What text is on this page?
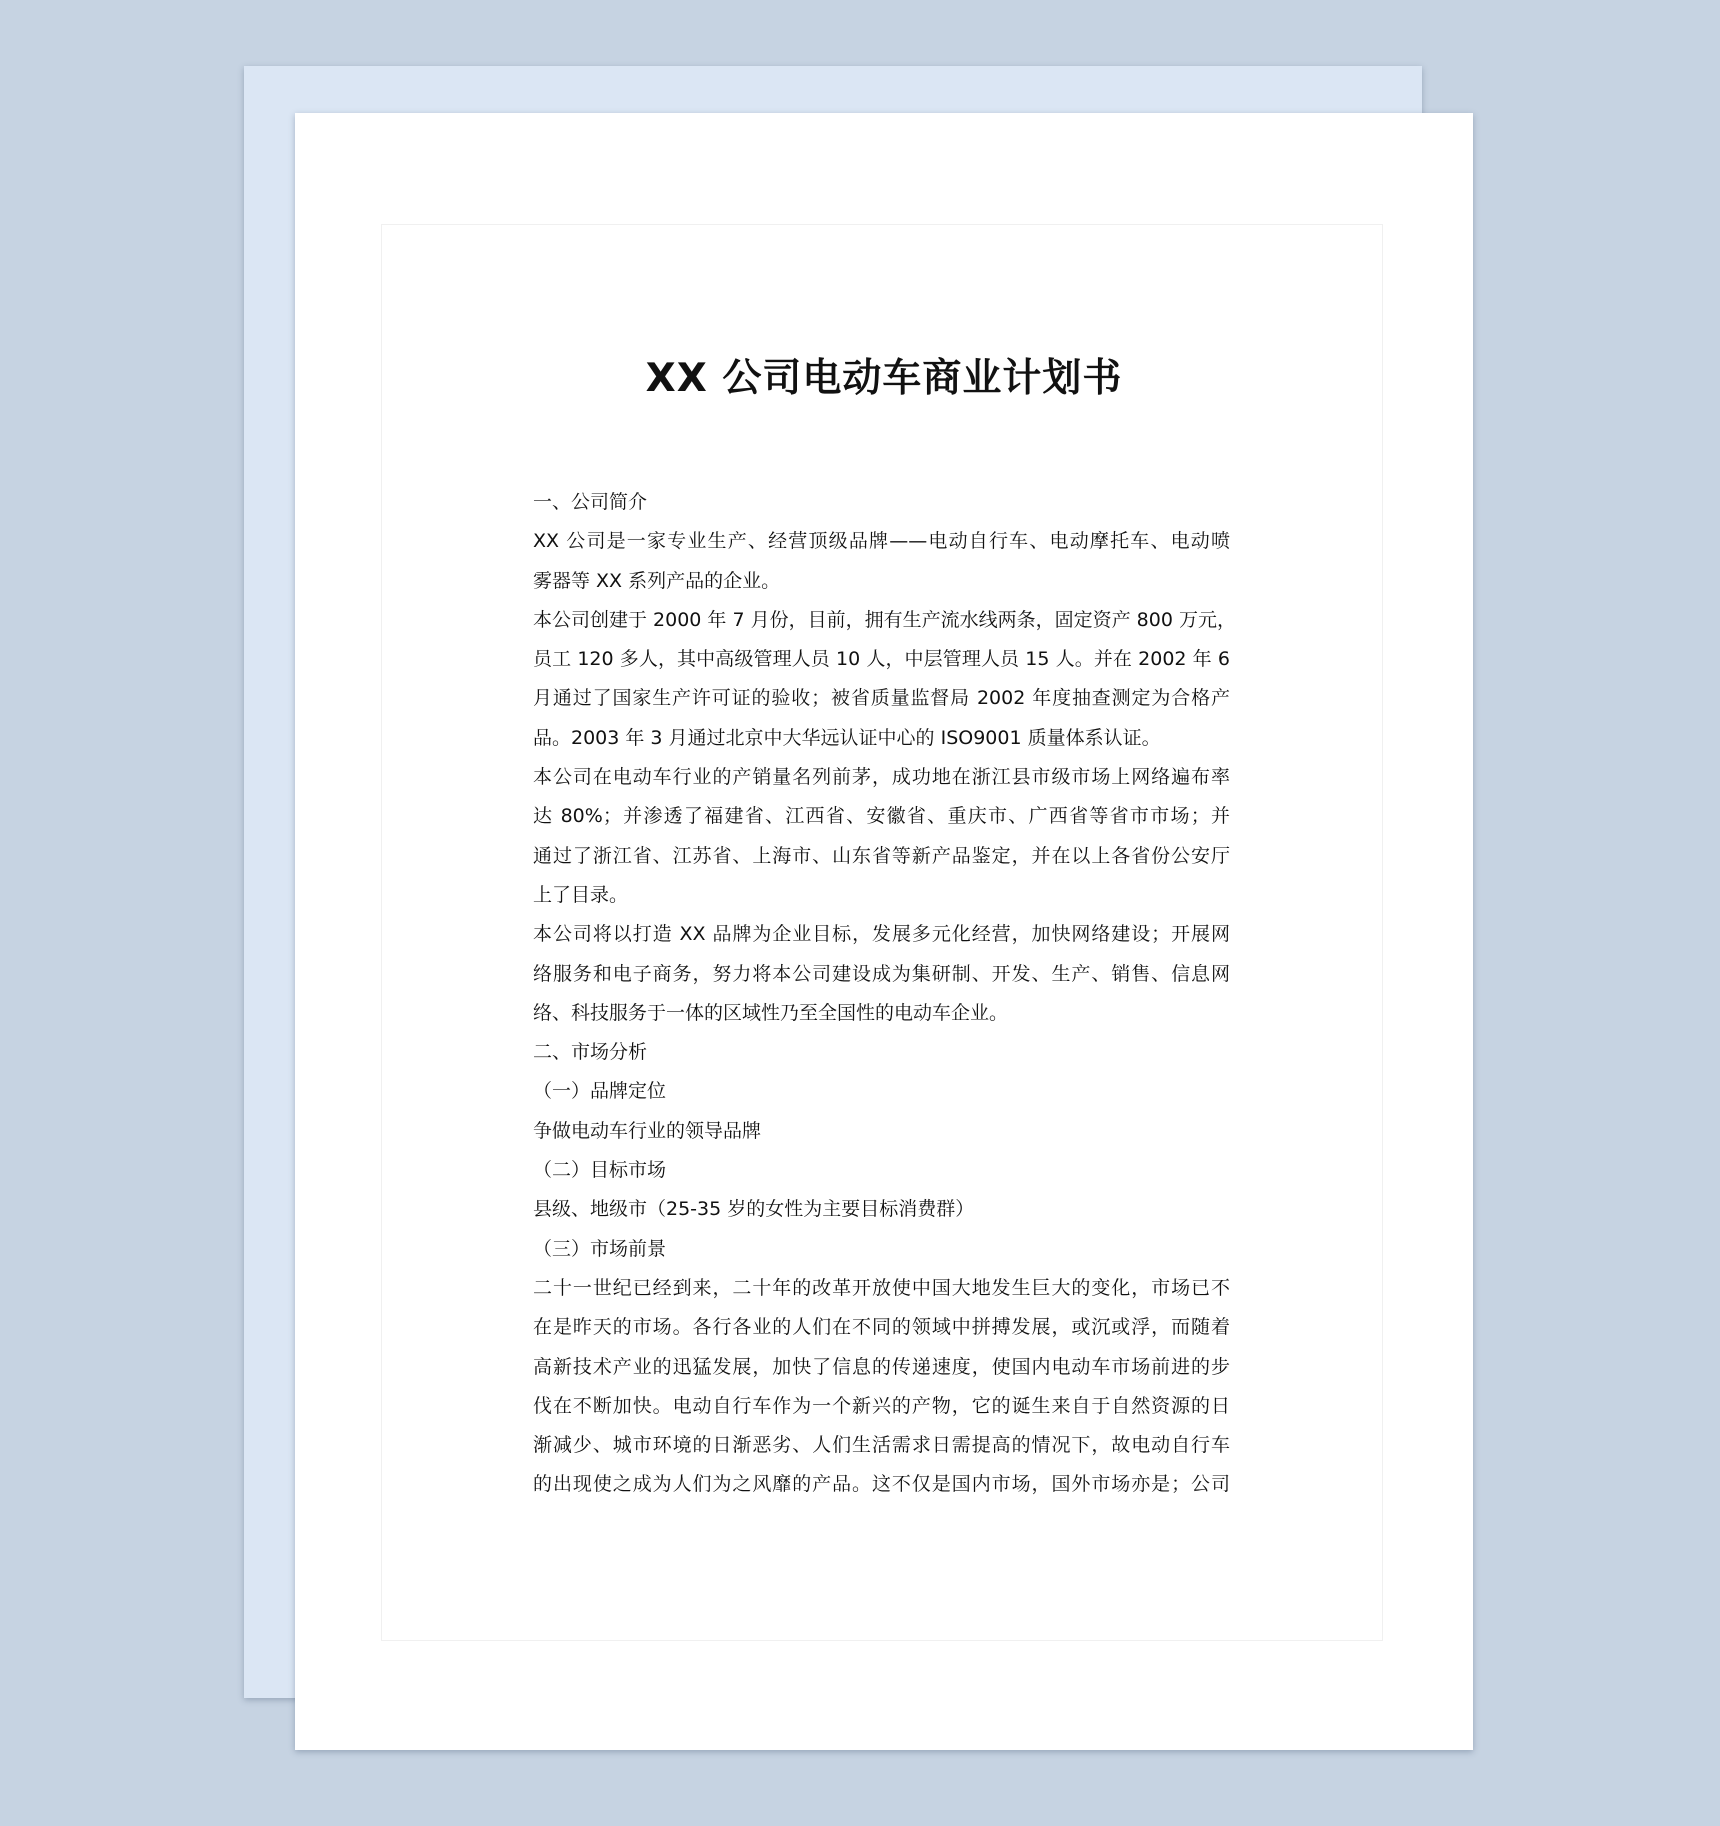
XX 公司电动车商业计划书
一、公司简介
XX 公司是一家专业生产、经营顶级品牌——电动自行车、电动摩托车、电动喷
雾器等 XX 系列产品的企业。
本公司创建于 2000 年 7 月份，目前，拥有生产流水线两条，固定资产 800 万元，
员工 120 多人，其中高级管理人员 10 人，中层管理人员 15 人。并在 2002 年 6
月通过了国家生产许可证的验收；被省质量监督局 2002 年度抽查测定为合格产
品。2003 年 3 月通过北京中大华远认证中心的 ISO9001 质量体系认证。
本公司在电动车行业的产销量名列前茅，成功地在浙江县市级市场上网络遍布率
达 80%；并渗透了福建省、江西省、安徽省、重庆市、广西省等省市市场；并
通过了浙江省、江苏省、上海市、山东省等新产品鉴定，并在以上各省份公安厅
上了目录。
本公司将以打造 XX 品牌为企业目标，发展多元化经营，加快网络建设；开展网
络服务和电子商务，努力将本公司建设成为集研制、开发、生产、销售、信息网
络、科技服务于一体的区域性乃至全国性的电动车企业。
二、市场分析
（一）品牌定位
争做电动车行业的领导品牌
（二）目标市场
县级、地级市（25-35 岁的女性为主要目标消费群）
（三）市场前景
二十一世纪已经到来，二十年的改革开放使中国大地发生巨大的变化，市场已不
在是昨天的市场。各行各业的人们在不同的领域中拼搏发展，或沉或浮，而随着
高新技术产业的迅猛发展，加快了信息的传递速度，使国内电动车市场前进的步
伐在不断加快。电动自行车作为一个新兴的产物，它的诞生来自于自然资源的日
渐减少、城市环境的日渐恶劣、人们生活需求日需提高的情况下，故电动自行车
的出现使之成为人们为之风靡的产品。这不仅是国内市场，国外市场亦是；公司
